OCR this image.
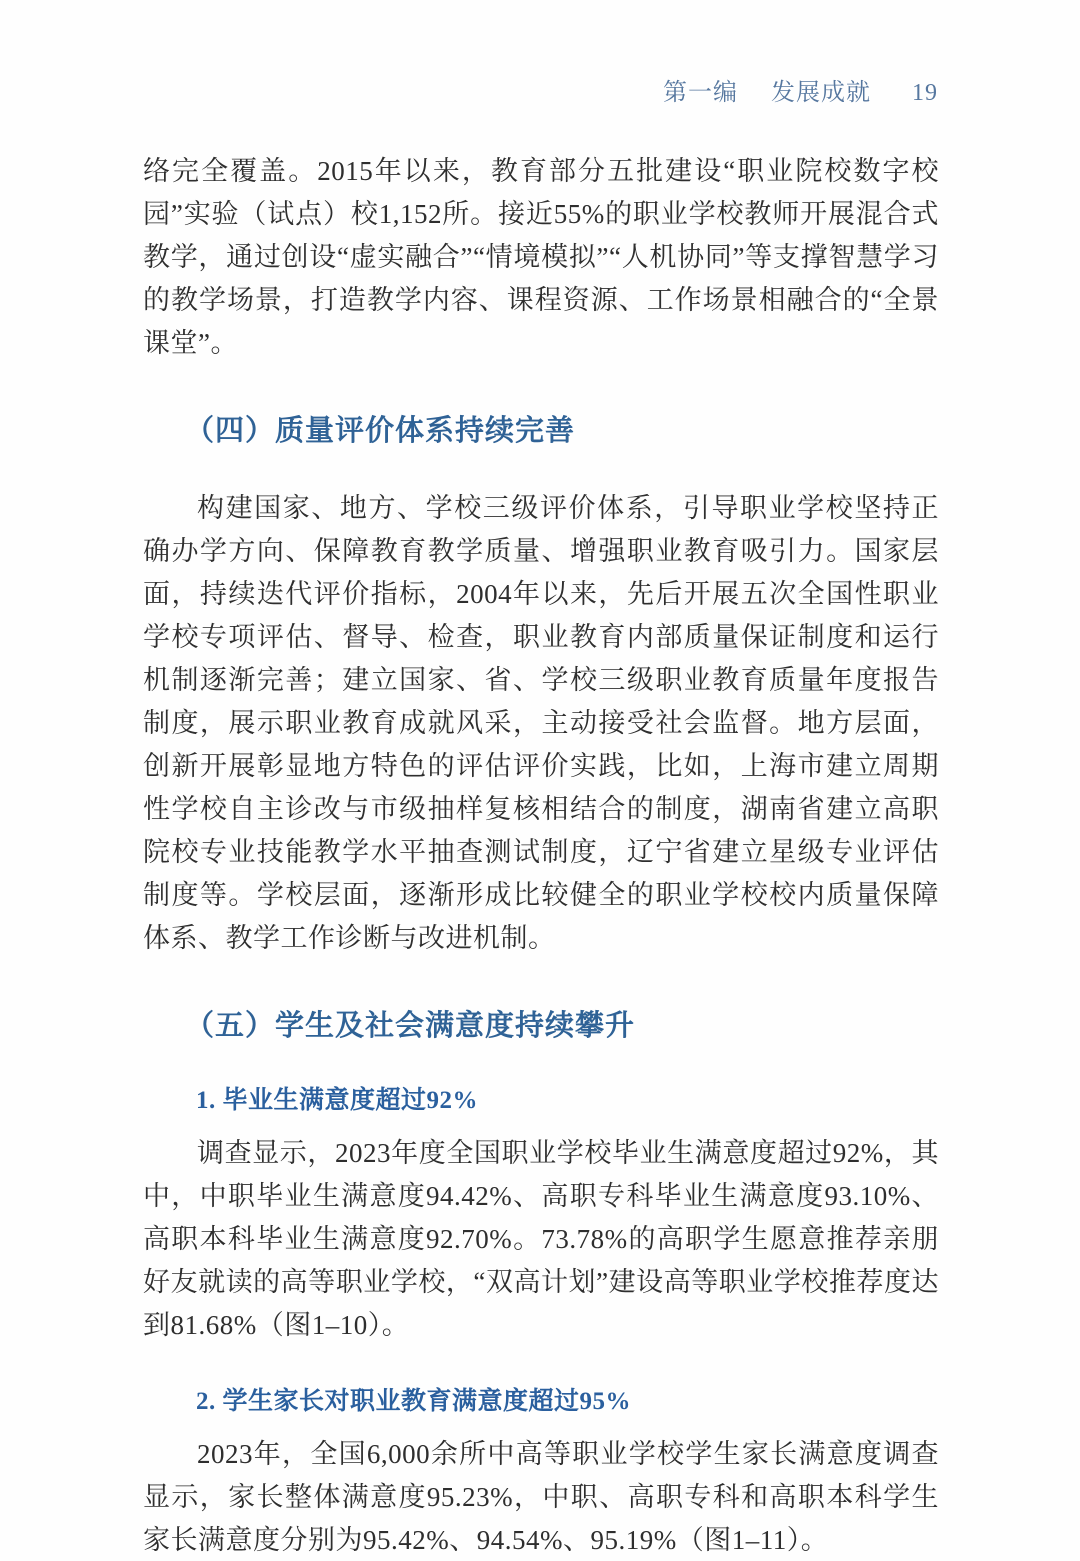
第一编 发展成就 19

络完全覆盖。2015年以来，教育部分五批建设“职业院校数字校园”实验（试点）校1,152所。接近55%的职业学校教师开展混合式教学，通过创设“虚实融合”“情境模拟”“人机协同”等支撑智慧学习的教学场景，打造教学内容、课程资源、工作场景相融合的“全景课堂”。

（四）质量评价体系持续完善

构建国家、地方、学校三级评价体系，引导职业学校坚持正确办学方向、保障教育教学质量、增强职业教育吸引力。国家层面，持续迭代评价指标，2004年以来，先后开展五次全国性职业学校专项评估、督导、检查，职业教育内部质量保证制度和运行机制逐渐完善；建立国家、省、学校三级职业教育质量年度报告制度，展示职业教育成就风采，主动接受社会监督。地方层面，创新开展彰显地方特色的评估评价实践，比如，上海市建立周期性学校自主诊改与市级抽样复核相结合的制度，湖南省建立高职院校专业技能教学水平抽查测试制度，辽宁省建立星级专业评估制度等。学校层面，逐渐形成比较健全的职业学校校内质量保障体系、教学工作诊断与改进机制。

（五）学生及社会满意度持续攀升
1. 毕业生满意度超过92%

调查显示，2023年度全国职业学校毕业生满意度超过92%，其中，中职毕业生满意度94.42%、高职专科毕业生满意度93.10%、高职本科毕业生满意度92.70%。73.78%的高职学生愿意推荐亲朋好友就读的高等职业学校，“双高计划”建设高等职业学校推荐度达到81.68%（图1–10）。

2. 学生家长对职业教育满意度超过95%

2023年，全国6,000余所中高等职业学校学生家长满意度调查显示，家长整体满意度95.23%，中职、高职专科和高职本科学生家长满意度分别为95.42%、94.54%、95.19%（图1–11）。
